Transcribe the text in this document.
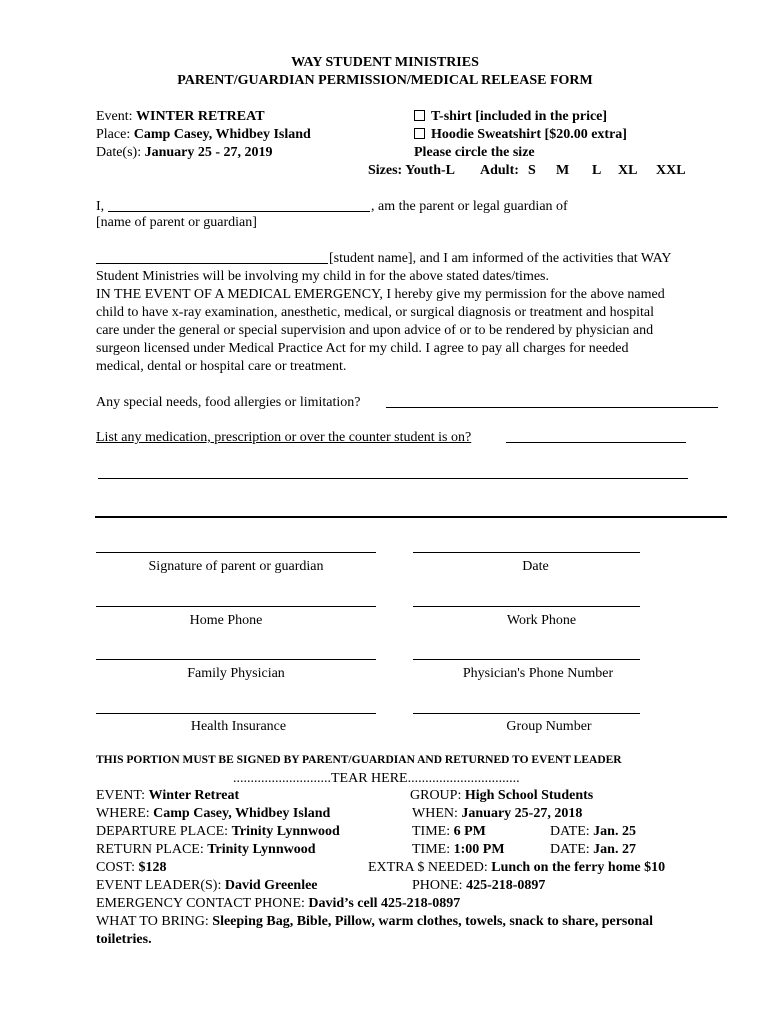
WAY STUDENT MINISTRIES
PARENT/GUARDIAN PERMISSION/MEDICAL RELEASE FORM
Event: WINTER RETREAT
Place: Camp Casey, Whidbey Island
Date(s): January 25 - 27, 2019
T-shirt [included in the price]
Hoodie Sweatshirt [$20.00 extra]
Please circle the size
Sizes: Youth-L Adult: S M L XL XXL
I,	, am the parent or legal guardian of
[name of parent or guardian]
[student name], and I am informed of the activities that WAY
Student Ministries will be involving my child in for the above stated dates/times.
IN THE EVENT OF A MEDICAL EMERGENCY, I hereby give my permission for the above named
child to have x-ray examination, anesthetic, medical, or surgical diagnosis or treatment and hospital
care under the general or special supervision and upon advice of or to be rendered by physician and
surgeon licensed under Medical Practice Act for my child. I agree to pay all charges for needed
medical, dental or hospital care or treatment.
Any special needs, food allergies or limitation?
List any medication, prescription or over the counter student is on?
Signature of parent or guardian	Date
Home Phone	Work Phone
Family Physician	Physician's Phone Number
Health Insurance	Group Number
THIS PORTION MUST BE SIGNED BY PARENT/GUARDIAN AND RETURNED TO EVENT LEADER
............................TEAR HERE................................
EVENT: Winter Retreat	GROUP: High School Students
WHERE: Camp Casey, Whidbey Island	WHEN: January 25-27, 2018
DEPARTURE PLACE: Trinity Lynnwood	TIME: 6 PM	DATE: Jan. 25
RETURN PLACE: Trinity Lynnwood	TIME: 1:00 PM	DATE: Jan. 27
COST: $128	EXTRA $ NEEDED: Lunch on the ferry home $10
EVENT LEADER(S): David Greenlee	PHONE: 425-218-0897
EMERGENCY CONTACT PHONE: David’s cell 425-218-0897
WHAT TO BRING: Sleeping Bag, Bible, Pillow, warm clothes, towels, snack to share, personal
toiletries.
